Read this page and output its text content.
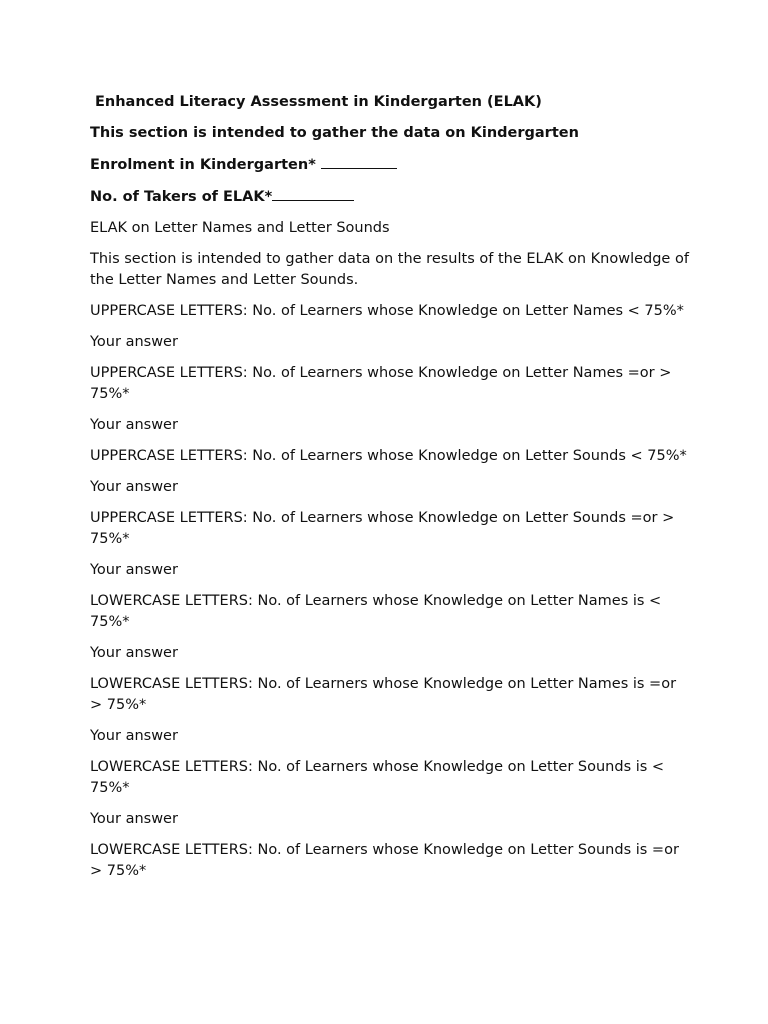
Enhanced Literacy Assessment in Kindergarten (ELAK)

This section is intended to gather the data on Kindergarten

Enrolment in Kindergarten*

No. of Takers of ELAK*

ELAK on Letter Names and Letter Sounds

This section is intended to gather data on the results of the ELAK on Knowledge of the Letter Names and Letter Sounds.

UPPERCASE LETTERS: No. of Learners whose Knowledge on Letter Names < 75%*

Your answer

UPPERCASE LETTERS: No. of Learners whose Knowledge on Letter Names =or > 75%*

Your answer

UPPERCASE LETTERS: No. of Learners whose Knowledge on Letter Sounds < 75%*

Your answer

UPPERCASE LETTERS: No. of Learners whose Knowledge on Letter Sounds =or > 75%*

Your answer

LOWERCASE LETTERS: No. of Learners whose Knowledge on Letter Names is < 75%*

Your answer

LOWERCASE LETTERS: No. of Learners whose Knowledge on Letter Names is =or > 75%*

Your answer

LOWERCASE LETTERS: No. of Learners whose Knowledge on Letter Sounds is < 75%*

Your answer

LOWERCASE LETTERS: No. of Learners whose Knowledge on Letter Sounds is =or > 75%*
